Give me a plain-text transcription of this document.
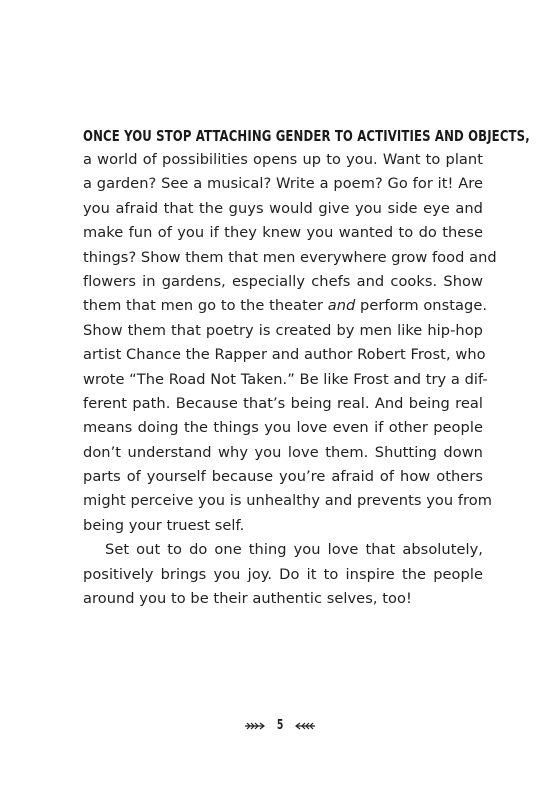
ONCE YOU STOP ATTACHING GENDER TO ACTIVITIES AND OBJECTS,
a world of possibilities opens up to you. Want to plant
a garden? See a musical? Write a poem? Go for it! Are
you afraid that the guys would give you side eye and
make fun of you if they knew you wanted to do these
things? Show them that men everywhere grow food and
flowers in gardens, especially chefs and cooks. Show
them that men go to the theater and perform onstage.
Show them that poetry is created by men like hip-hop
artist Chance the Rapper and author Robert Frost, who
wrote “The Road Not Taken.” Be like Frost and try a dif-
ferent path. Because that’s being real. And being real
means doing the things you love even if other people
don’t understand why you love them. Shutting down
parts of yourself because you’re afraid of how others
might perceive you is unhealthy and prevents you from
being your truest self.
Set out to do one thing you love that absolutely,
positively brings you joy. Do it to inspire the people
around you to be their authentic selves, too!
5
